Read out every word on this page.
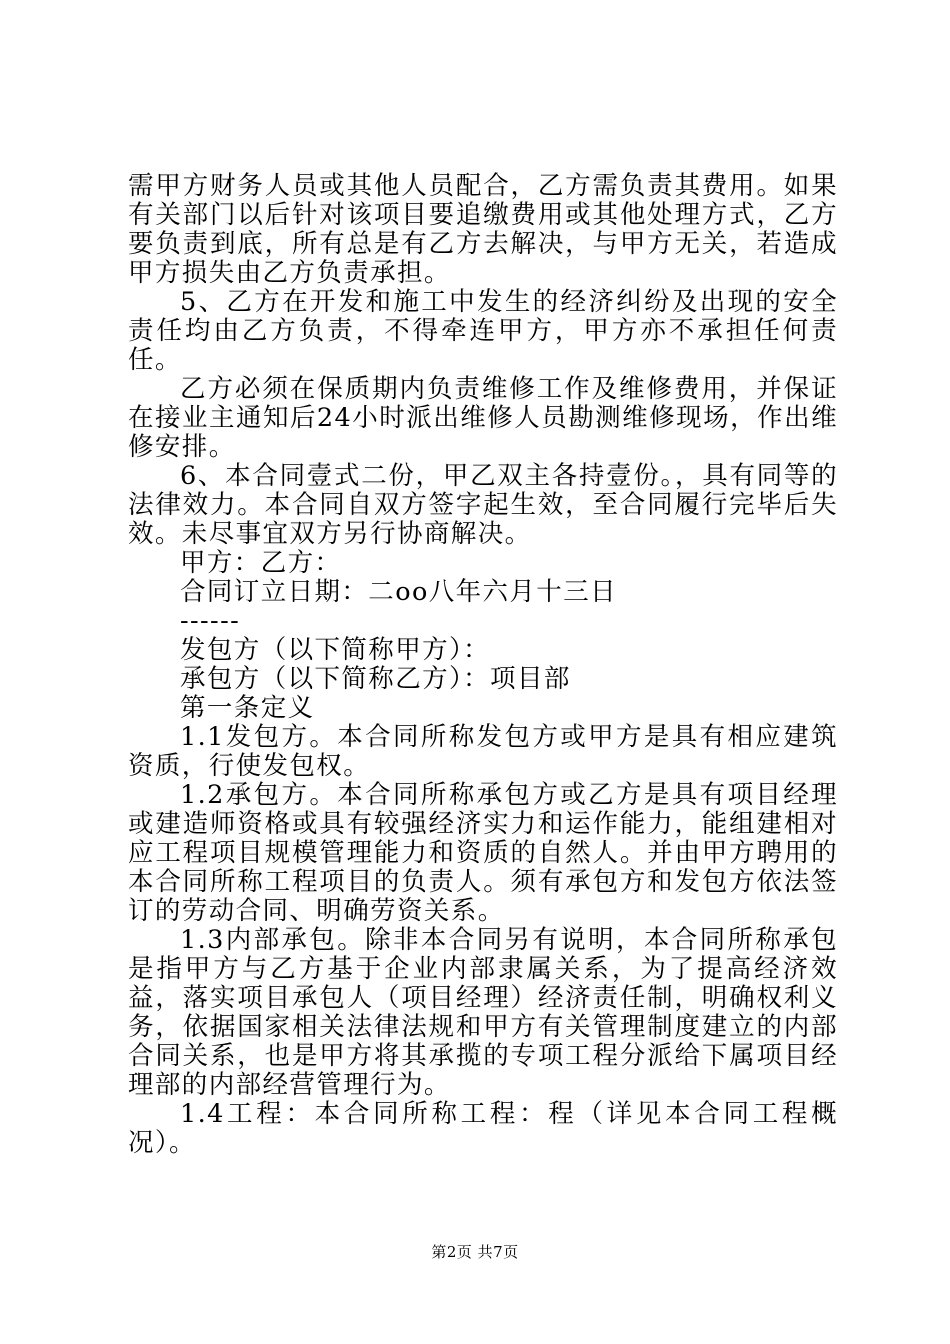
需甲方财务人员或其他人员配合，乙方需负责其费用。如果有关部门以后针对该项目要追缴费用或其他处理方式，乙方要负责到底，所有总是有乙方去解决，与甲方无关，若造成甲方损失由乙方负责承担。

5、乙方在开发和施工中发生的经济纠纷及出现的安全责任均由乙方负责，不得牵连甲方，甲方亦不承担任何责任。

乙方必须在保质期内负责维修工作及维修费用，并保证在接业主通知后24小时派出维修人员勘测维修现场，作出维修安排。

6、本合同壹式二份，甲乙双主各持壹份。，具有同等的法律效力。本合同自双方签字起生效，至合同履行完毕后失效。未尽事宜双方另行协商解决。

甲方：乙方：

合同订立日期：二oo八年六月十三日

------

发包方（以下简称甲方）：

承包方（以下简称乙方）：项目部

第一条定义

1.1发包方。本合同所称发包方或甲方是具有相应建筑资质，行使发包权。

1.2承包方。本合同所称承包方或乙方是具有项目经理或建造师资格或具有较强经济实力和运作能力，能组建相对应工程项目规模管理能力和资质的自然人。并由甲方聘用的本合同所称工程项目的负责人。须有承包方和发包方依法签订的劳动合同、明确劳资关系。

1.3内部承包。除非本合同另有说明，本合同所称承包是指甲方与乙方基于企业内部隶属关系，为了提高经济效益，落实项目承包人（项目经理）经济责任制，明确权利义务，依据国家相关法律法规和甲方有关管理制度建立的内部合同关系，也是甲方将其承揽的专项工程分派给下属项目经理部的内部经营管理行为。

1.4工程：本合同所称工程：程（详见本合同工程概况）。

第2页 共7页
